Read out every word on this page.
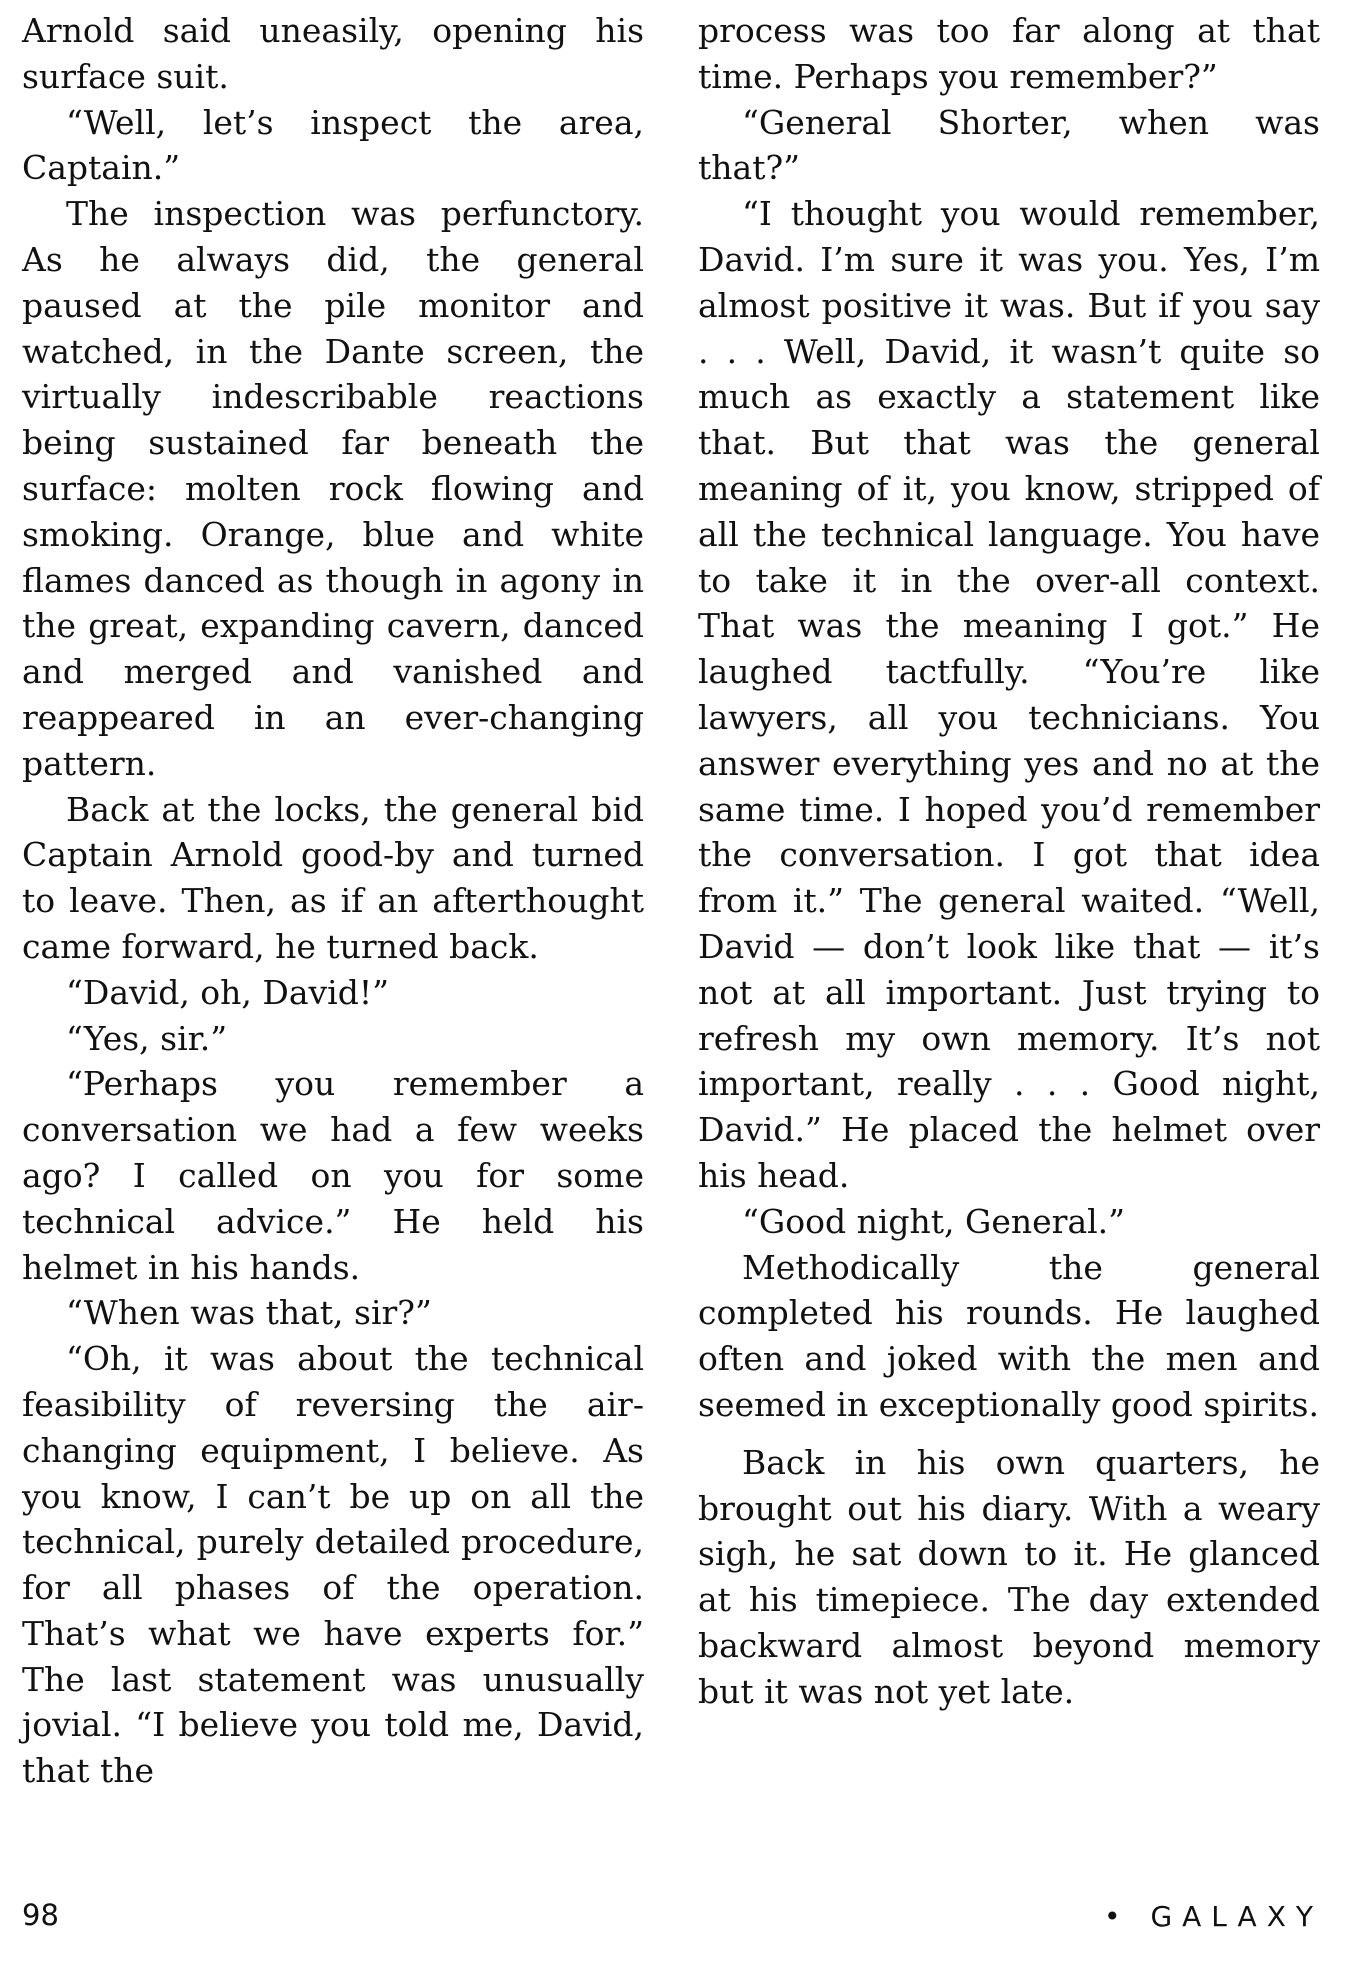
Arnold said uneasily, opening his surface suit.

“Well, let’s inspect the area, Captain.”

The inspection was perfunctory. As he always did, the general paused at the pile monitor and watched, in the Dante screen, the virtually indescribable reactions being sustained far beneath the surface: molten rock flowing and smoking. Orange, blue and white flames danced as though in agony in the great, expanding cavern, danced and merged and vanished and reappeared in an ever-changing pattern.

Back at the locks, the general bid Captain Arnold good-by and turned to leave. Then, as if an afterthought came forward, he turned back.

“David, oh, David!”

“Yes, sir.”

“Perhaps you remember a conversation we had a few weeks ago? I called on you for some technical advice.” He held his helmet in his hands.

“When was that, sir?”

“Oh, it was about the technical feasibility of reversing the air-changing equipment, I believe. As you know, I can’t be up on all the technical, purely detailed procedure, for all phases of the operation. That’s what we have experts for.” The last statement was unusually jovial. “I believe you told me, David, that the

process was too far along at that time. Perhaps you remember?”

“General Shorter, when was that?”

“I thought you would remember, David. I’m sure it was you. Yes, I’m almost positive it was. But if you say . . . Well, David, it wasn’t quite so much as exactly a statement like that. But that was the general meaning of it, you know, stripped of all the technical language. You have to take it in the over-all context. That was the meaning I got.” He laughed tactfully. “You’re like lawyers, all you technicians. You answer everything yes and no at the same time. I hoped you’d remember the conversation. I got that idea from it.” The general waited. “Well, David — don’t look like that — it’s not at all important. Just trying to refresh my own memory. It’s not important, really . . . Good night, David.” He placed the helmet over his head.

“Good night, General.”

Methodically the general completed his rounds. He laughed often and joked with the men and seemed in exceptionally good spirits.

Back in his own quarters, he brought out his diary. With a weary sigh, he sat down to it. He glanced at his timepiece. The day extended backward almost beyond memory but it was not yet late.

98	• GALAXY
